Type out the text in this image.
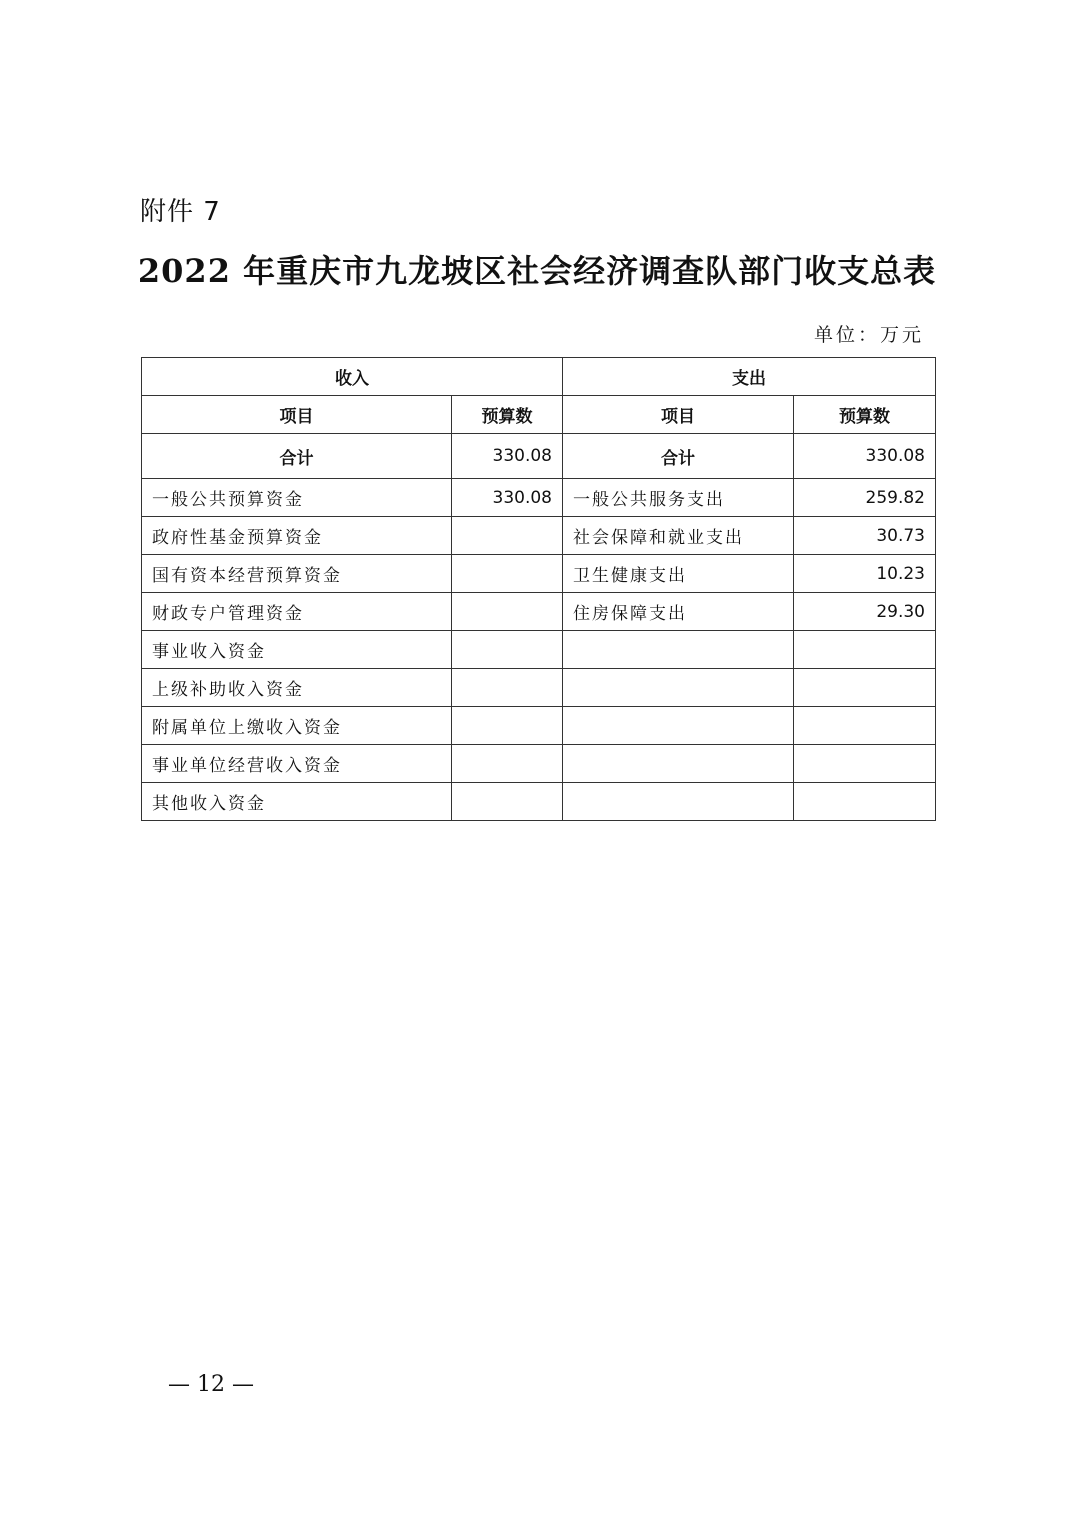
附件 7
2022 年重庆市九龙坡区社会经济调查队部门收支总表
单位：万元
收入		支出	
项目	预算数	项目	预算数
合计	330.08	合计	330.08
一般公共预算资金	330.08	一般公共服务支出	259.82
政府性基金预算资金		社会保障和就业支出	30.73
国有资本经营预算资金		卫生健康支出	10.23
财政专户管理资金		住房保障支出	29.30
事业收入资金			
上级补助收入资金			
附属单位上缴收入资金			
事业单位经营收入资金			
其他收入资金			
— 12 —
